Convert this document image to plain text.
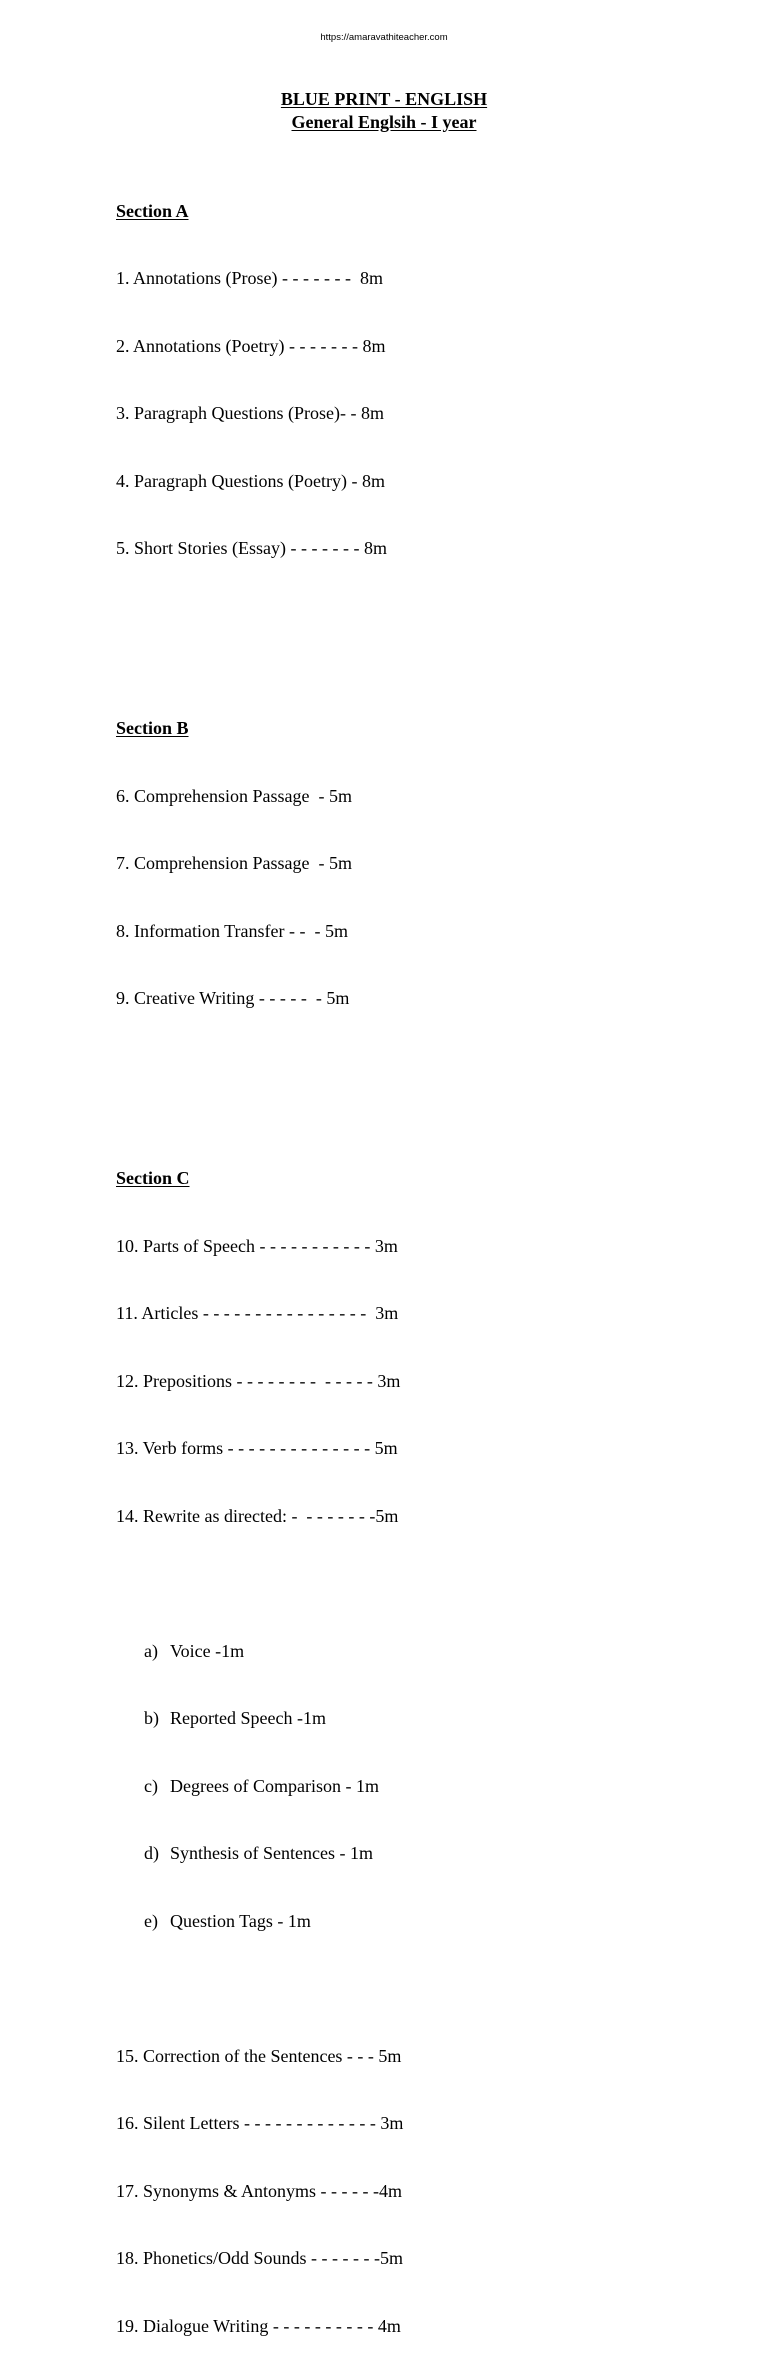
https://amaravathiteacher.com
BLUE PRINT - ENGLISH
General Englsih - I year

Section A

1. Annotations (Prose) - - - - - - -  8m

2. Annotations (Poetry) - - - - - - - 8m

3. Paragraph Questions (Prose)- - 8m

4. Paragraph Questions (Poetry) - 8m

5. Short Stories (Essay) - - - - - - - 8m

Section B

6. Comprehension Passage  - 5m

7. Comprehension Passage  - 5m

8. Information Transfer - -  - 5m

9. Creative Writing - - - - -  - 5m

Section C

10. Parts of Speech - - - - - - - - - - - 3m

11. Articles - - - - - - - - - - - - - - - -  3m

12. Prepositions - - - - - - - -  - - - - - 3m

13. Verb forms - - - - - - - - - - - - - - 5m

14. Rewrite as directed: -  - - - - - - -5m

a) Voice -1m

b) Reported Speech -1m

c) Degrees of Comparison - 1m

d) Synthesis of Sentences - 1m

e) Question Tags - 1m

15. Correction of the Sentences - - - 5m

16. Silent Letters - - - - - - - - - - - - - 3m

17. Synonyms & Antonyms - - - - - -4m

18. Phonetics/Odd Sounds - - - - - - -5m

19. Dialogue Writing - - - - - - - - - - 4m
